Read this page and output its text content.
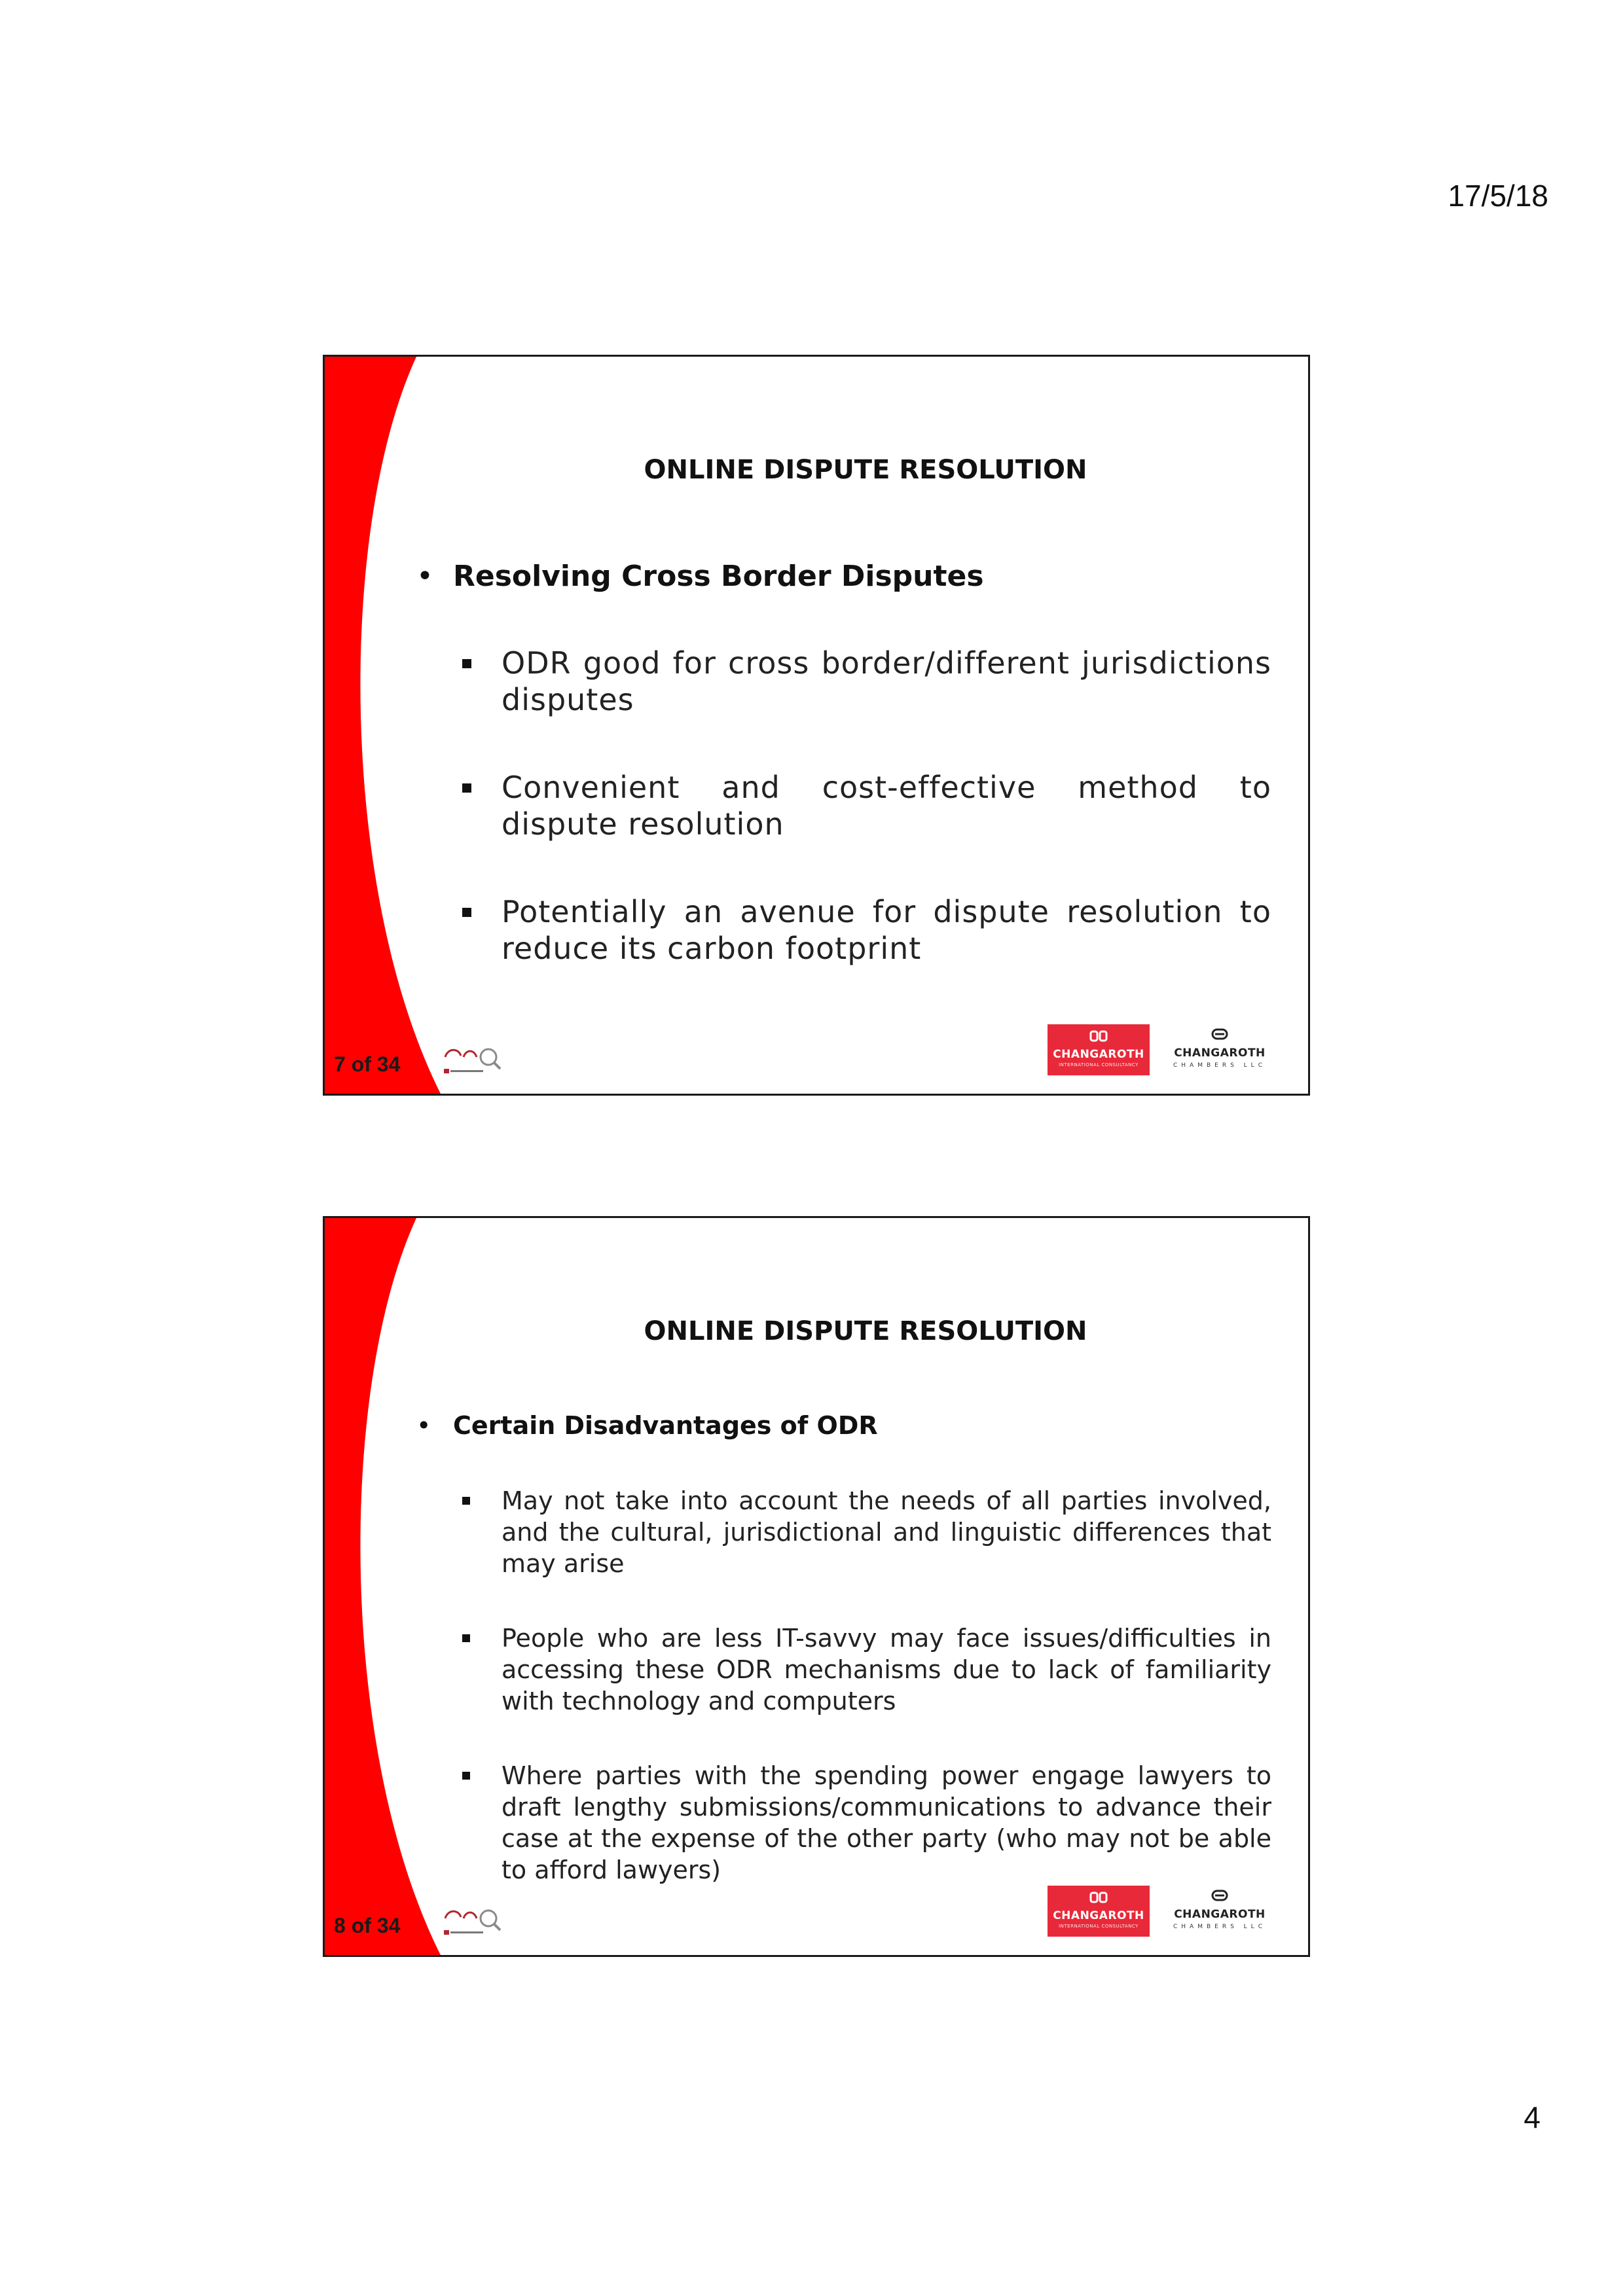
17/5/18
ONLINE DISPUTE RESOLUTION
• Resolving Cross Border Disputes
ODR good for cross border/different jurisdictions disputes
Convenient and cost-effective method to dispute resolution
Potentially an avenue for dispute resolution to reduce its carbon footprint
7 of 34	CHANGAROTH
INTERNATIONAL CONSULTANCY
CHANGAROTH
CHAMBERS LLC
ONLINE DISPUTE RESOLUTION
• Certain Disadvantages of ODR
May not take into account the needs of all parties involved, and the cultural, jurisdictional and linguistic differences that may arise
People who are less IT-savvy may face issues/difficulties in accessing these ODR mechanisms due to lack of familiarity with technology and computers
Where parties with the spending power engage lawyers to draft lengthy submissions/communications to advance their case at the expense of the other party (who may not be able to afford lawyers)
8 of 34	CHANGAROTH
INTERNATIONAL CONSULTANCY
CHANGAROTH
CHAMBERS LLC
4
